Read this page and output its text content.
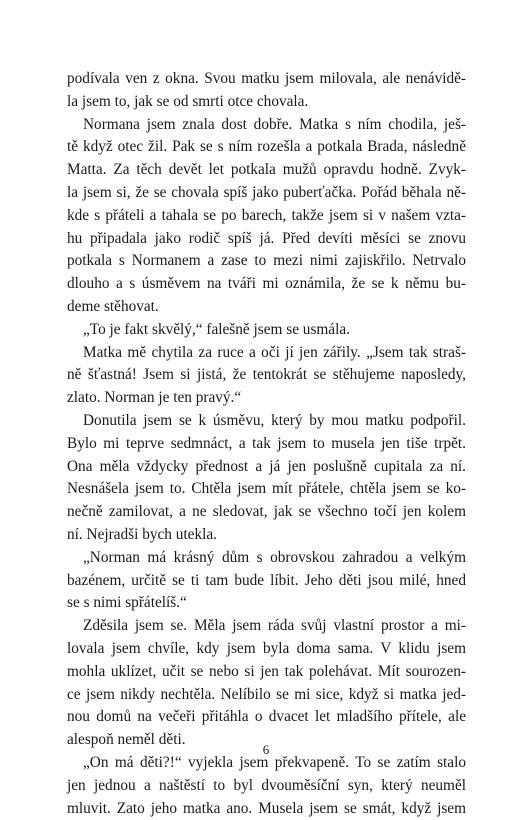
podívala ven z okna. Svou matku jsem milovala, ale nenávidě-
la jsem to, jak se od smrti otce chovala.
Normana jsem znala dost dobře. Matka s ním chodila, ješ-
tě když otec žil. Pak se s ním rozešla a potkala Brada, následně
Matta. Za těch devět let potkala mužů opravdu hodně. Zvyk-
la jsem si, že se chovala spíš jako puberťačka. Pořád běhala ně-
kde s přáteli a tahala se po barech, takže jsem si v našem vzta-
hu připadala jako rodič spíš já. Před devíti měsíci se znovu
potkala s Normanem a zase to mezi nimi zajiskřilo. Netrvalo
dlouho a s úsměvem na tváři mi oznámila, že se k němu bu-
deme stěhovat.
„To je fakt skvělý,“ falešně jsem se usmála.
Matka mě chytila za ruce a oči jí jen zářily. „Jsem tak straš-
ně šťastná! Jsem si jistá, že tentokrát se stěhujeme naposledy,
zlato. Norman je ten pravý.“
Donutila jsem se k úsměvu, který by mou matku podpořil.
Bylo mi teprve sedmnáct, a tak jsem to musela jen tiše trpět.
Ona měla vždycky přednost a já jen poslušně cupitala za ní.
Nesnášela jsem to. Chtěla jsem mít přátele, chtěla jsem se ko-
nečně zamilovat, a ne sledovat, jak se všechno točí jen kolem
ní. Nejradši bych utekla.
„Norman má krásný dům s obrovskou zahradou a velkým
bazénem, určitě se ti tam bude líbit. Jeho děti jsou milé, hned
se s nimi spřátelíš.“
Zděsila jsem se. Měla jsem ráda svůj vlastní prostor a mi-
lovala jsem chvíle, kdy jsem byla doma sama. V klidu jsem
mohla uklízet, učit se nebo si jen tak polehávat. Mít sourozen-
ce jsem nikdy nechtěla. Nelíbilo se mi sice, když si matka jed-
nou domů na večeři přitáhla o dvacet let mladšího přítele, ale
alespoň neměl děti.
„On má děti?!“ vyjekla jsem překvapeně. To se zatím stalo
jen jednou a naštěstí to byl dvouměsíční syn, který neuměl
mluvit. Zato jeho matka ano. Musela jsem se smát, když jsem
6
